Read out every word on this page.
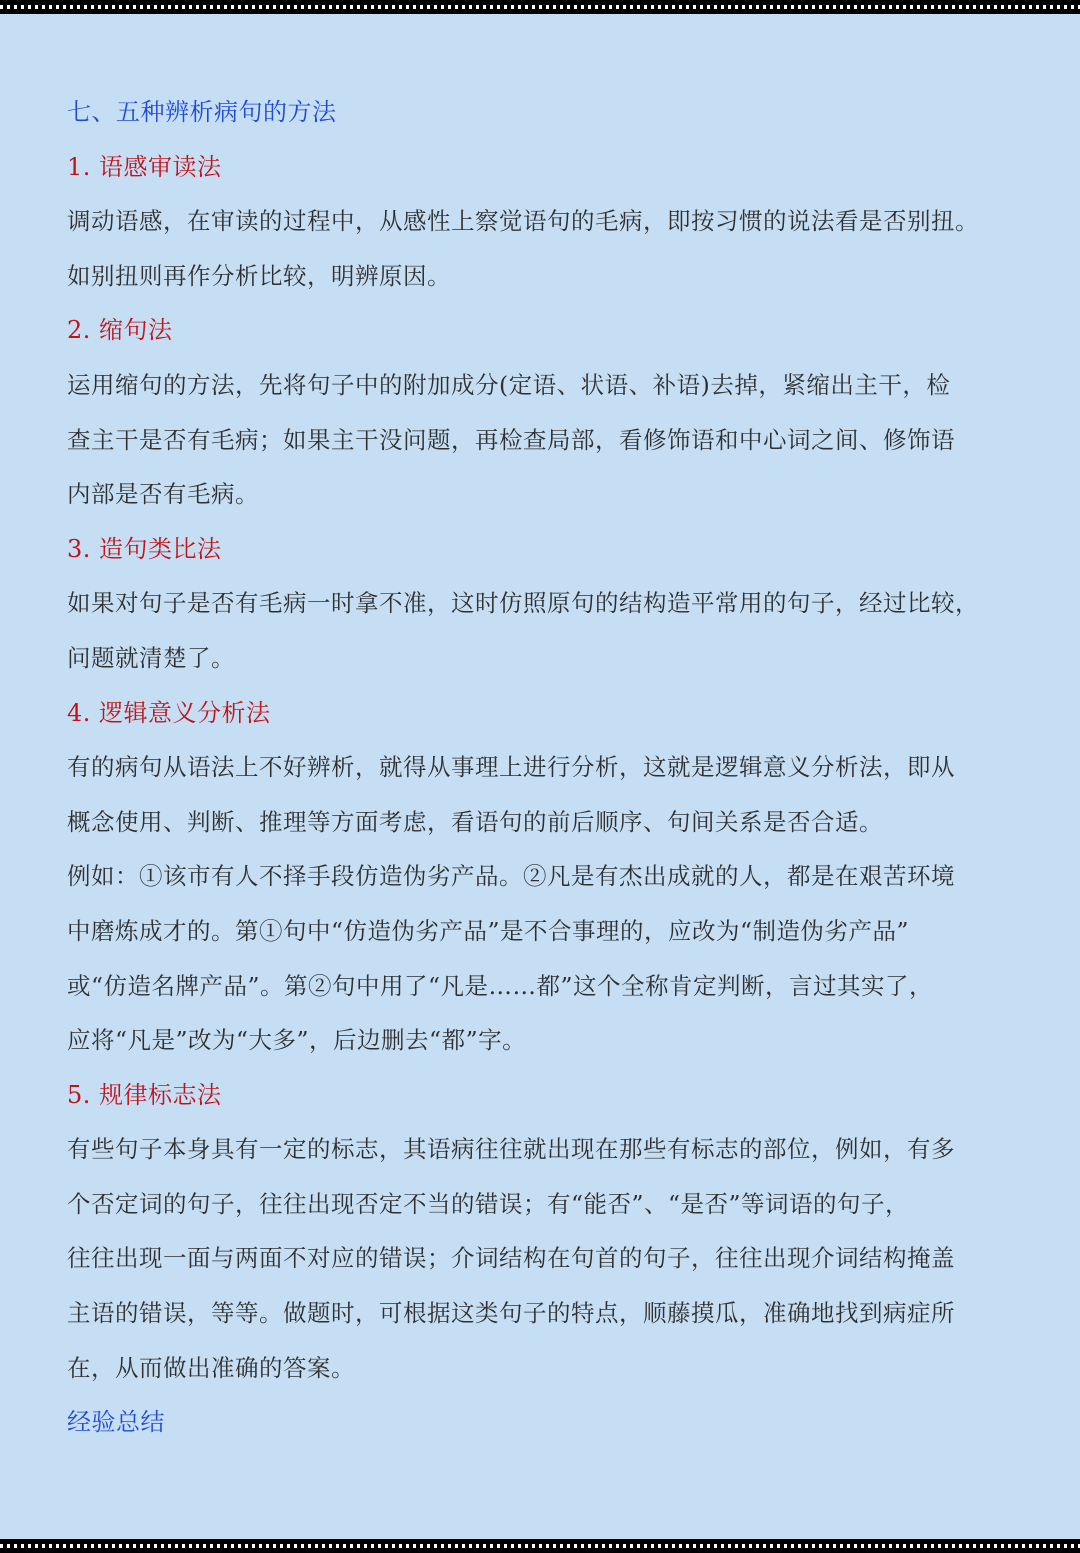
七、五种辨析病句的方法
1. 语感审读法
调动语感，在审读的过程中，从感性上察觉语句的毛病，即按习惯的说法看是否别扭。
如别扭则再作分析比较，明辨原因。
2. 缩句法
运用缩句的方法，先将句子中的附加成分(定语、状语、补语)去掉，紧缩出主干，检
查主干是否有毛病；如果主干没问题，再检查局部，看修饰语和中心词之间、修饰语
内部是否有毛病。
3. 造句类比法
如果对句子是否有毛病一时拿不准，这时仿照原句的结构造平常用的句子，经过比较，
问题就清楚了。
4. 逻辑意义分析法
有的病句从语法上不好辨析，就得从事理上进行分析，这就是逻辑意义分析法，即从
概念使用、判断、推理等方面考虑，看语句的前后顺序、句间关系是否合适。
例如：①该市有人不择手段仿造伪劣产品。②凡是有杰出成就的人，都是在艰苦环境
中磨炼成才的。第①句中“仿造伪劣产品”是不合事理的，应改为“制造伪劣产品”
或“仿造名牌产品”。第②句中用了“凡是……都”这个全称肯定判断，言过其实了，
应将“凡是”改为“大多”，后边删去“都”字。
5. 规律标志法
有些句子本身具有一定的标志，其语病往往就出现在那些有标志的部位，例如，有多
个否定词的句子，往往出现否定不当的错误；有“能否”、“是否”等词语的句子，
往往出现一面与两面不对应的错误；介词结构在句首的句子，往往出现介词结构掩盖
主语的错误，等等。做题时，可根据这类句子的特点，顺藤摸瓜，准确地找到病症所
在，从而做出准确的答案。
经验总结
